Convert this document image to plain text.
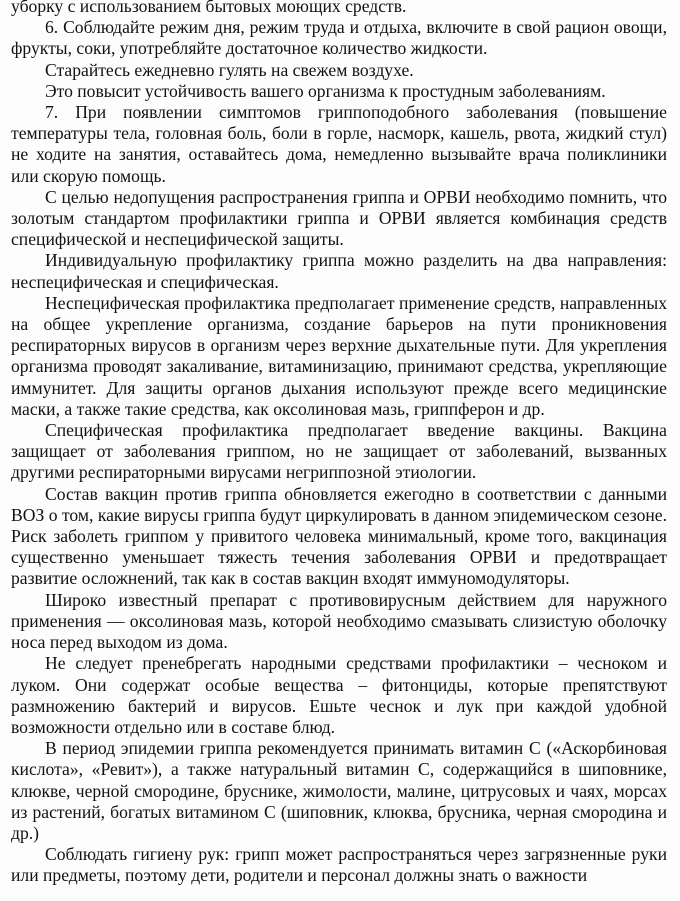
уборку с использованием бытовых моющих средств.

6. Соблюдайте режим дня, режим труда и отдыха, включите в свой рацион овощи, фрукты, соки, употребляйте достаточное количество жидкости.

Старайтесь ежедневно гулять на свежем воздухе.

Это повысит устойчивость вашего организма к простудным заболеваниям.

7. При появлении симптомов гриппоподобного заболевания (повышение температуры тела, головная боль, боли в горле, насморк, кашель, рвота, жидкий стул) не ходите на занятия, оставайтесь дома, немедленно вызывайте врача поликлиники или скорую помощь.

С целью недопущения распространения гриппа и ОРВИ необходимо помнить, что золотым стандартом профилактики гриппа и ОРВИ является комбинация средств специфической и неспецифической защиты.

Индивидуальную профилактику гриппа можно разделить на два направления: неспецифическая и специфическая.

Неспецифическая профилактика предполагает применение средств, направленных на общее укрепление организма, создание барьеров на пути проникновения респираторных вирусов в организм через верхние дыхательные пути. Для укрепления организма проводят закаливание, витаминизацию, принимают средства, укрепляющие иммунитет. Для защиты органов дыхания используют прежде всего медицинские маски, а также такие средства, как оксолиновая мазь, гриппферон и др.

Специфическая профилактика предполагает введение вакцины. Вакцина защищает от заболевания гриппом, но не защищает от заболеваний, вызванных другими респираторными вирусами негриппозной этиологии.

Состав вакцин против гриппа обновляется ежегодно в соответствии с данными ВОЗ о том, какие вирусы гриппа будут циркулировать в данном эпидемическом сезоне. Риск заболеть гриппом у привитого человека минимальный, кроме того, вакцинация существенно уменьшает тяжесть течения заболевания ОРВИ и предотвращает развитие осложнений, так как в состав вакцин входят иммуномодуляторы.

Широко известный препарат с противовирусным действием для наружного применения — оксолиновая мазь, которой необходимо смазывать слизистую оболочку носа перед выходом из дома.

Не следует пренебрегать народными средствами профилактики – чесноком и луком. Они содержат особые вещества – фитонциды, которые препятствуют размножению бактерий и вирусов. Ешьте чеснок и лук при каждой удобной возможности отдельно или в составе блюд.

В период эпидемии гриппа рекомендуется принимать витамин С («Аскорбиновая кислота», «Ревит»), а также натуральный витамин С, содержащийся в шиповнике, клюкве, черной смородине, бруснике, жимолости, малине, цитрусовых и чаях, морсах из растений, богатых витамином С (шиповник, клюква, брусника, черная смородина и др.)

Соблюдать гигиену рук: грипп может распространяться через загрязненные руки или предметы, поэтому дети, родители и персонал должны знать о важности
